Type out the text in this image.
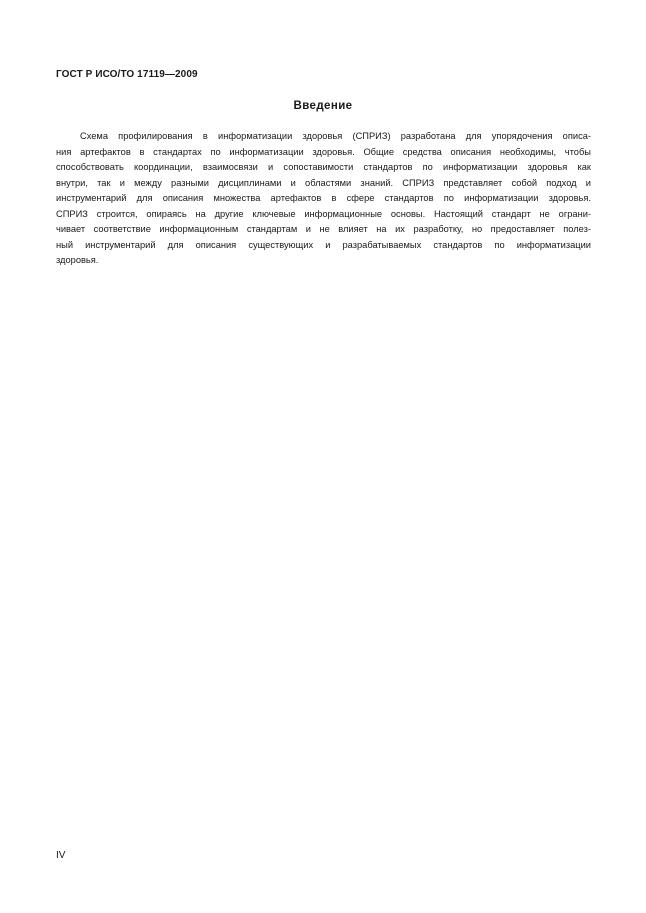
ГОСТ Р ИСО/ТО 17119—2009
Введение
Схема профилирования в информатизации здоровья (СПРИЗ) разработана для упорядочения описа-
ния артефактов в стандартах по информатизации здоровья. Общие средства описания необходимы, чтобы
способствовать координации, взаимосвязи и сопоставимости стандартов по информатизации здоровья как
внутри, так и между разными дисциплинами и областями знаний. СПРИЗ представляет собой подход и
инструментарий для описания множества артефактов в сфере стандартов по информатизации здоровья.
СПРИЗ строится, опираясь на другие ключевые информационные основы. Настоящий стандарт не ограни-
чивает соответствие информационным стандартам и не влияет на их разработку, но предоставляет полез-
ный инструментарий для описания существующих и разрабатываемых стандартов по информатизации
здоровья.
IV
